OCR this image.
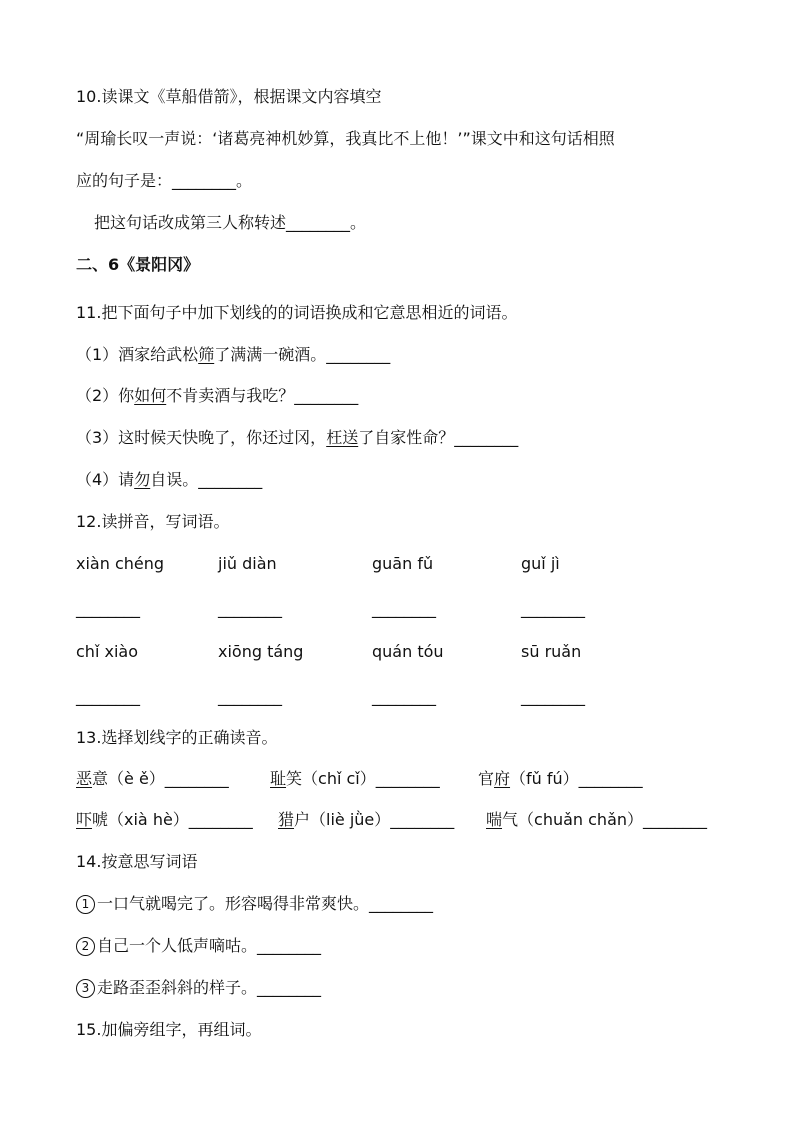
10.读课文《草船借箭》，根据课文内容填空
“周瑜长叹一声说：‘诸葛亮神机妙算，我真比不上他！’”课文中和这句话相照
应的句子是：________。
把这句话改成第三人称转述________。
二、6《景阳冈》
11.把下面句子中加下划线的的词语换成和它意思相近的词语。
（1）酒家给武松筛了满满一碗酒。________
（2）你如何不肯卖酒与我吃？________
（3）这时候天快晚了，你还过冈，枉送了自家性命？________
（4）请勿自误。________
12.读拼音，写词语。
xiàn chéng	jiǔ diàn	guān fǔ	guǐ jì
________	________	________	________
chǐ xiào	xiōng táng	quán tóu	sū ruǎn
________	________	________	________
13.选择划线字的正确读音。
恶意（è ě）________	耻笑（chǐ cǐ）________ 官府（fǔ fú）________
吓唬（xià hè）________ 猎户（liè jǜe）________ 喘气（chuǎn chǎn）________
14.按意思写词语
1 一口气就喝完了。形容喝得非常爽快。________
2 自己一个人低声嘀咕。________
3 走路歪歪斜斜的样子。________
15.加偏旁组字，再组词。
